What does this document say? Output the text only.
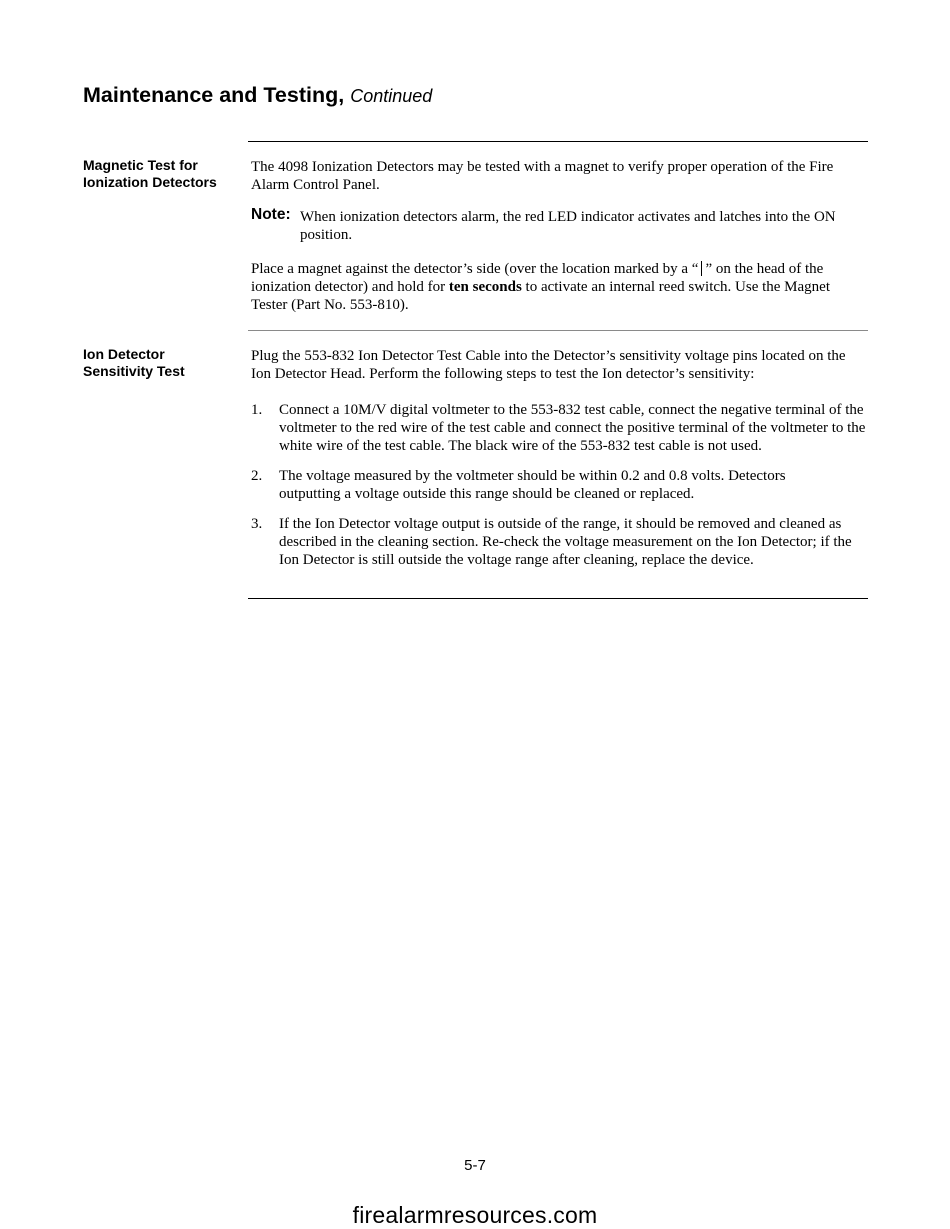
Maintenance and Testing, Continued
Magnetic Test for
Ionization Detectors

The 4098 Ionization Detectors may be tested with a magnet to verify proper operation of the Fire Alarm Control Panel.

Note: When ionization detectors alarm, the red LED indicator activates and latches into the ON position.

Place a magnet against the detector’s side (over the location marked by a “ ” on the head of the ionization detector) and hold for ten seconds to activate an internal reed switch. Use the Magnet Tester (Part No. 553-810).

Ion Detector
Sensitivity Test

Plug the 553-832 Ion Detector Test Cable into the Detector’s sensitivity voltage pins located on the Ion Detector Head. Perform the following steps to test the Ion detector’s sensitivity:

1. Connect a 10M/V digital voltmeter to the 553-832 test cable, connect the negative terminal of the voltmeter to the red wire of the test cable and connect the positive terminal of the voltmeter to the white wire of the test cable. The black wire of the 553-832 test cable is not used.
2. The voltage measured by the voltmeter should be within 0.2 and 0.8 volts. Detectors outputting a voltage outside this range should be cleaned or replaced.
3. If the Ion Detector voltage output is outside of the range, it should be removed and cleaned as described in the cleaning section. Re-check the voltage measurement on the Ion Detector; if the Ion Detector is still outside the voltage range after cleaning, replace the device.
5-7
firealarmresources.com
